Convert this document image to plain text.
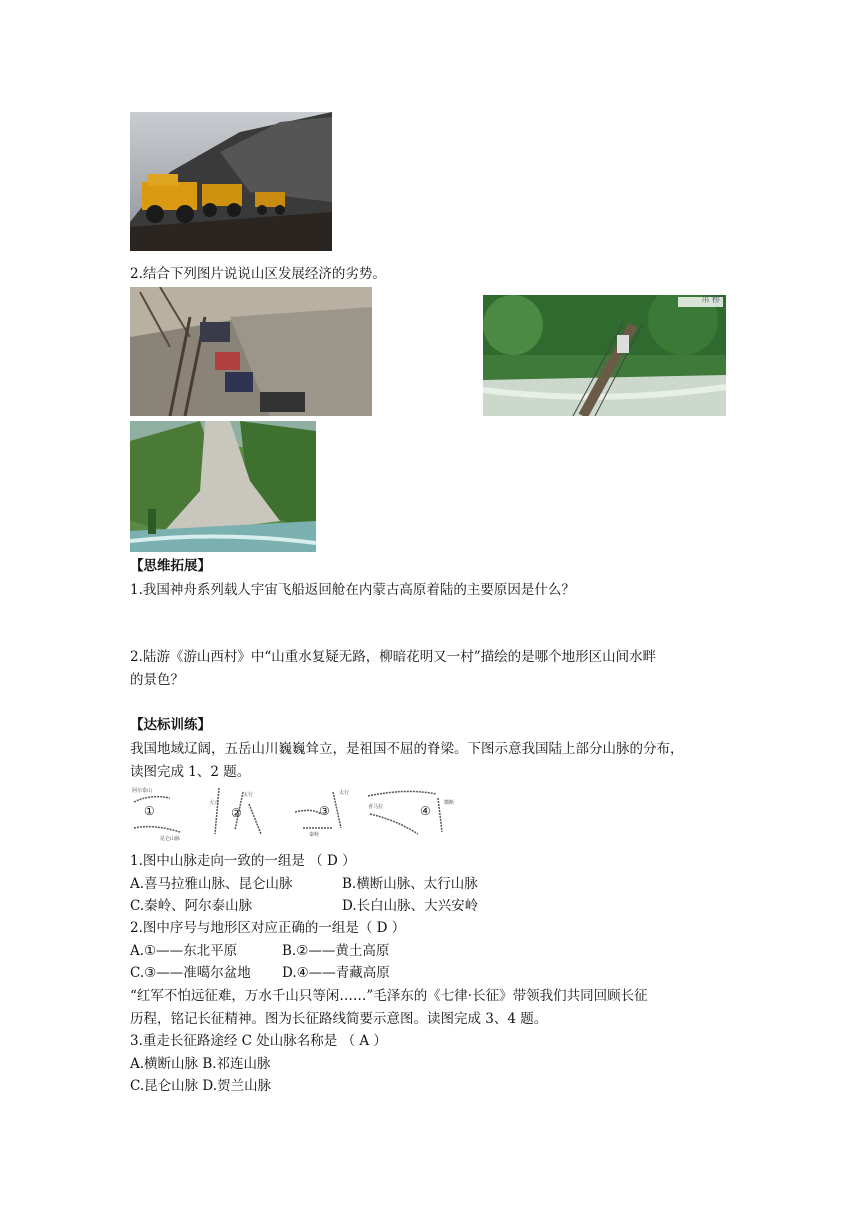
2.结合下列图片说说山区发展经济的劣势。
吊 桥
【思维拓展】
1.我国神舟系列载人宇宙飞船返回舱在内蒙古高原着陆的主要原因是什么？
2.陆游《游山西村》中“山重水复疑无路，柳暗花明又一村”描绘的是哪个地形区山间水畔
的景色？
【达标训练】
我国地域辽阔，五岳山川巍巍耸立，是祖国不屈的脊梁。下图示意我国陆上部分山脉的分布，
读图完成 1、2 题。
阿尔泰山
昆仑山脉
①
大兴
太行
②
太行
秦岭
③	喜马拉
横断
④
1.图中山脉走向一致的一组是 （ D ）
A.喜马拉雅山脉、昆仑山脉	B.横断山脉、太行山脉
C.秦岭、阿尔泰山脉	D.长白山脉、大兴安岭
2.图中序号与地形区对应正确的一组是（ D ）
A.①——东北平原	B.②——黄土高原
C.③——准噶尔盆地 D.④——青藏高原
“红军不怕远征难，万水千山只等闲……”毛泽东的《七律·长征》带领我们共同回顾长征
历程，铭记长征精神。图为长征路线简要示意图。读图完成 3、4 题。
3.重走长征路途经 C 处山脉名称是 （ A ）
A.横断山脉 B.祁连山脉
C.昆仑山脉 D.贺兰山脉
